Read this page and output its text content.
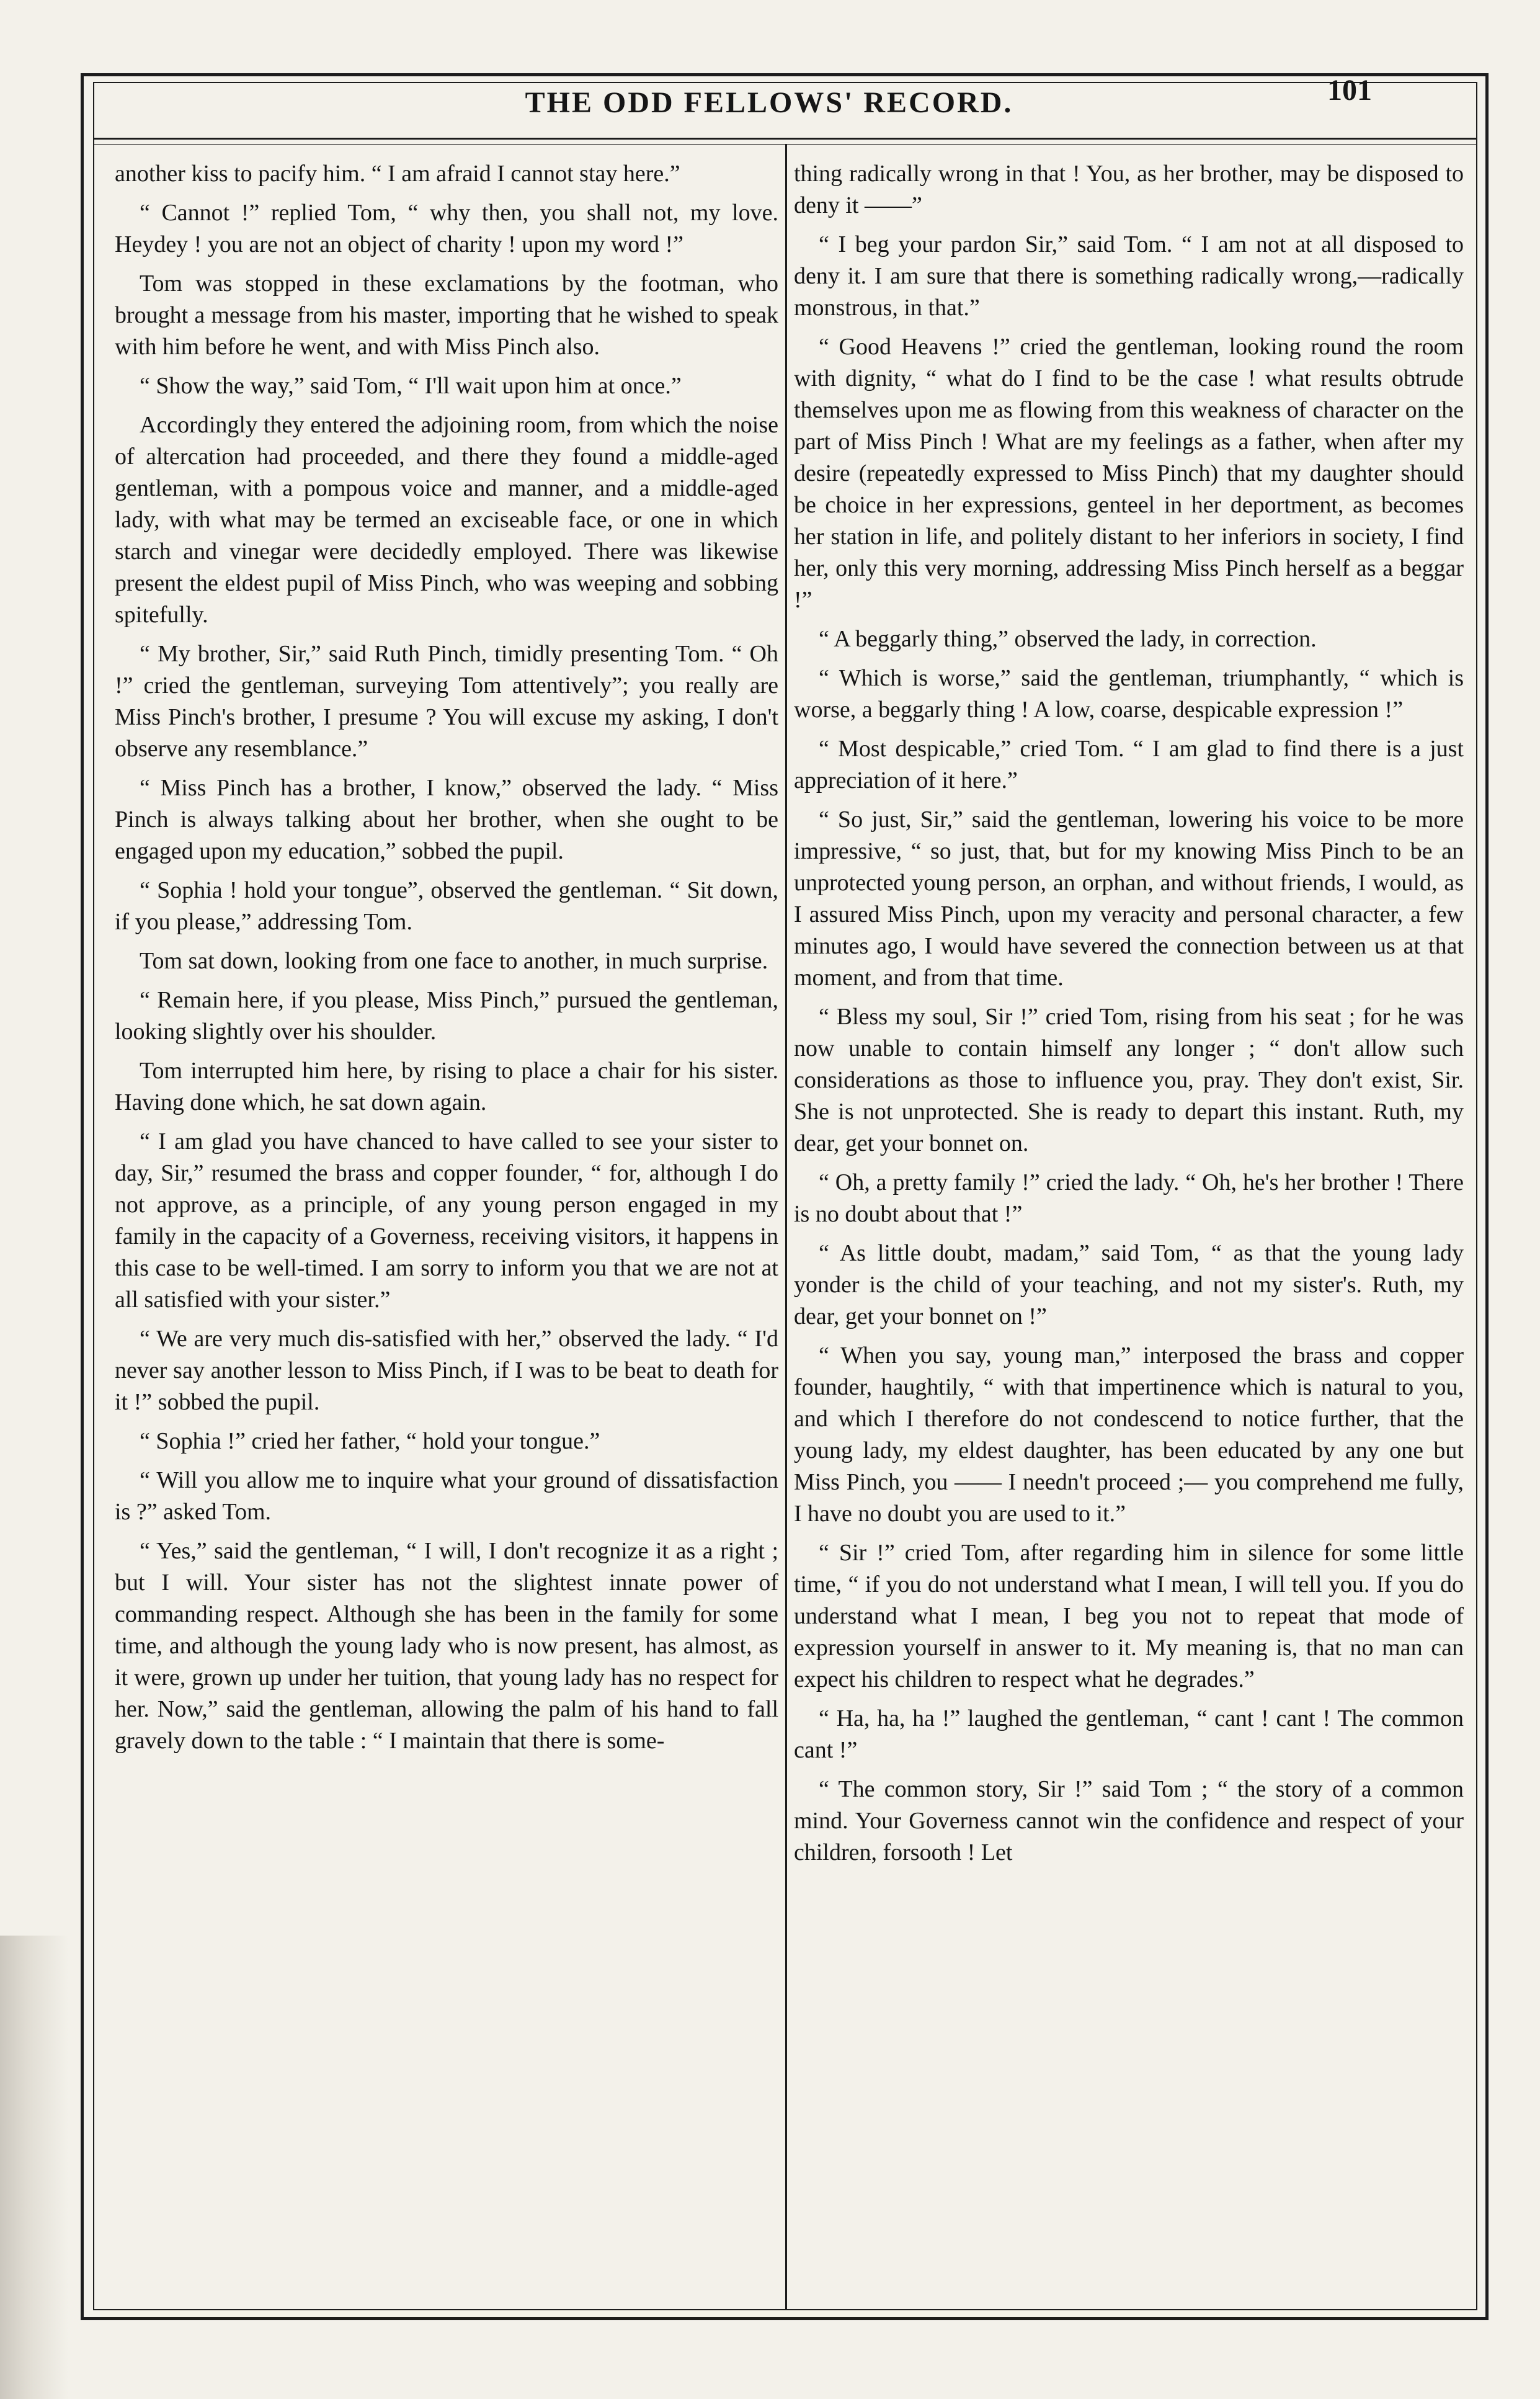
THE ODD FELLOWS' RECORD.	101

another kiss to pacify him. “ I am afraid I cannot stay here.”

“ Cannot !” replied Tom, “ why then, you shall not, my love. Heydey ! you are not an object of charity ! upon my word !”

Tom was stopped in these exclamations by the footman, who brought a message from his master, importing that he wished to speak with him before he went, and with Miss Pinch also.

“ Show the way,” said Tom, “ I'll wait upon him at once.”

Accordingly they entered the adjoining room, from which the noise of altercation had proceeded, and there they found a middle-aged gentleman, with a pompous voice and manner, and a middle-aged lady, with what may be termed an exciseable face, or one in which starch and vinegar were decidedly employed. There was likewise present the eldest pupil of Miss Pinch, who was weeping and sobbing spitefully.

“ My brother, Sir,” said Ruth Pinch, timidly presenting Tom. “ Oh !” cried the gentleman, surveying Tom attentively”; you really are Miss Pinch's brother, I presume ? You will excuse my asking, I don't observe any resemblance.”

“ Miss Pinch has a brother, I know,” observed the lady. “ Miss Pinch is always talking about her brother, when she ought to be engaged upon my education,” sobbed the pupil.

“ Sophia ! hold your tongue”, observed the gentleman. “ Sit down, if you please,” addressing Tom.

Tom sat down, looking from one face to another, in much surprise.

“ Remain here, if you please, Miss Pinch,” pursued the gentleman, looking slightly over his shoulder.

Tom interrupted him here, by rising to place a chair for his sister. Having done which, he sat down again.

“ I am glad you have chanced to have called to see your sister to day, Sir,” resumed the brass and copper founder, “ for, although I do not approve, as a principle, of any young person engaged in my family in the capacity of a Governess, receiving visitors, it happens in this case to be well-timed. I am sorry to inform you that we are not at all satisfied with your sister.”

“ We are very much dis-satisfied with her,” observed the lady. “ I'd never say another lesson to Miss Pinch, if I was to be beat to death for it !” sobbed the pupil.

“ Sophia !” cried her father, “ hold your tongue.”

“ Will you allow me to inquire what your ground of dissatisfaction is ?” asked Tom.

“ Yes,” said the gentleman, “ I will, I don't recognize it as a right ; but I will. Your sister has not the slightest innate power of commanding respect. Although she has been in the family for some time, and although the young lady who is now present, has almost, as it were, grown up under her tuition, that young lady has no respect for her. Now,” said the gentleman, allowing the palm of his hand to fall gravely down to the table : “ I maintain that there is some-

thing radically wrong in that ! You, as her brother, may be disposed to deny it ——”

“ I beg your pardon Sir,” said Tom. “ I am not at all disposed to deny it. I am sure that there is something radically wrong,—radically monstrous, in that.”

“ Good Heavens !” cried the gentleman, looking round the room with dignity, “ what do I find to be the case ! what results obtrude themselves upon me as flowing from this weakness of character on the part of Miss Pinch ! What are my feelings as a father, when after my desire (repeatedly expressed to Miss Pinch) that my daughter should be choice in her expressions, genteel in her deportment, as becomes her station in life, and politely distant to her inferiors in society, I find her, only this very morning, addressing Miss Pinch herself as a beggar !”

“ A beggarly thing,” observed the lady, in correction.

“ Which is worse,” said the gentleman, triumphantly, “ which is worse, a beggarly thing ! A low, coarse, despicable expression !”

“ Most despicable,” cried Tom. “ I am glad to find there is a just appreciation of it here.”

“ So just, Sir,” said the gentleman, lowering his voice to be more impressive, “ so just, that, but for my knowing Miss Pinch to be an unprotected young person, an orphan, and without friends, I would, as I assured Miss Pinch, upon my veracity and personal character, a few minutes ago, I would have severed the connection between us at that moment, and from that time.

“ Bless my soul, Sir !” cried Tom, rising from his seat ; for he was now unable to contain himself any longer ; “ don't allow such considerations as those to influence you, pray. They don't exist, Sir. She is not unprotected. She is ready to depart this instant. Ruth, my dear, get your bonnet on.

“ Oh, a pretty family !” cried the lady. “ Oh, he's her brother ! There is no doubt about that !”

“ As little doubt, madam,” said Tom, “ as that the young lady yonder is the child of your teaching, and not my sister's. Ruth, my dear, get your bonnet on !”

“ When you say, young man,” interposed the brass and copper founder, haughtily, “ with that impertinence which is natural to you, and which I therefore do not condescend to notice further, that the young lady, my eldest daughter, has been educated by any one but Miss Pinch, you —— I needn't proceed ;— you comprehend me fully, I have no doubt you are used to it.”

“ Sir !” cried Tom, after regarding him in silence for some little time, “ if you do not understand what I mean, I will tell you. If you do understand what I mean, I beg you not to repeat that mode of expression yourself in answer to it. My meaning is, that no man can expect his children to respect what he degrades.”

“ Ha, ha, ha !” laughed the gentleman, “ cant ! cant ! The common cant !”

“ The common story, Sir !” said Tom ; “ the story of a common mind. Your Governess cannot win the confidence and respect of your children, forsooth ! Let
